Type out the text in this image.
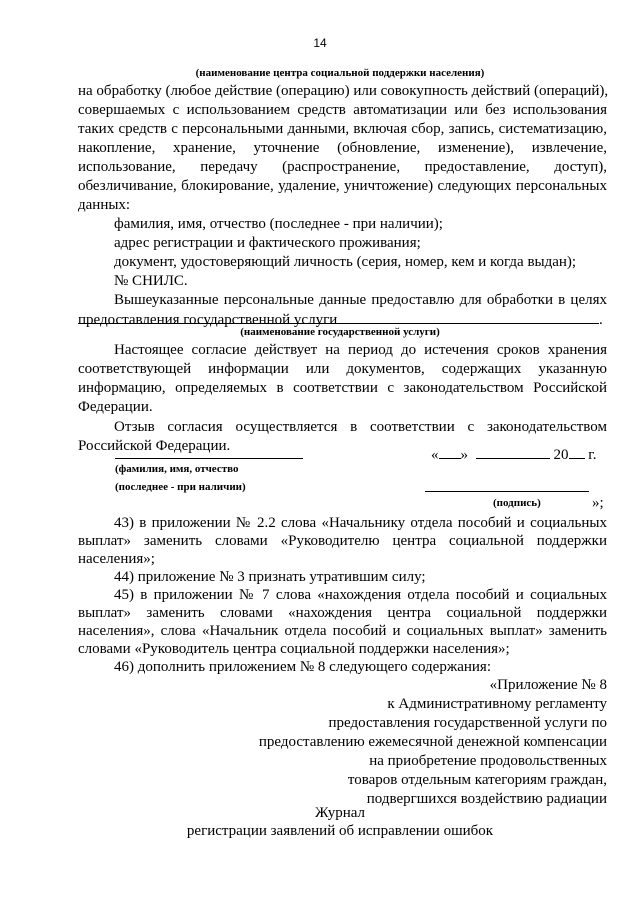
14
(наименование центра социальной поддержки населения)
на обработку (любое действие (операцию) или совокупность действий (операций),
совершаемых с использованием средств автоматизации или без использования
таких средств с персональными данными, включая сбор, запись, систематизацию,
накопление, хранение, уточнение (обновление, изменение), извлечение,
использование, передачу (распространение, предоставление, доступ),
обезличивание, блокирование, удаление, уничтожение) следующих персональных
данных:
фамилия, имя, отчество (последнее - при наличии);
адрес регистрации и фактического проживания;
документ, удостоверяющий личность (серия, номер, кем и когда выдан);
№ СНИЛС.
Вышеуказанные персональные данные предоставлю для обработки в целях
предоставления государственной услуги	.
(наименование государственной услуги)
Настоящее согласие действует на период до истечения сроков хранения
соответствующей информации или документов, содержащих указанную
информацию, определяемых в соответствии с законодательством Российской
Федерации.
Отзыв согласия осуществляется в соответствии с законодательством
Российской Федерации.
« »	20 г.
(фамилия, имя, отчество
(последнее - при наличии)
(подпись)	»;
43) в приложении № 2.2 слова «Начальнику отдела пособий и социальных
выплат» заменить словами «Руководителю центра социальной поддержки
населения»;
44) приложение № 3 признать утратившим силу;
45) в приложении № 7 слова «нахождения отдела пособий и социальных
выплат» заменить словами «нахождения центра социальной поддержки
населения», слова «Начальник отдела пособий и социальных выплат» заменить
словами «Руководитель центра социальной поддержки населения»;
46) дополнить приложением № 8 следующего содержания:
«Приложение № 8
к Административному регламенту
предоставления государственной услуги по
предоставлению ежемесячной денежной компенсации
на приобретение продовольственных
товаров отдельным категориям граждан,
подвергшихся воздействию радиации
Журнал
регистрации заявлений об исправлении ошибок
